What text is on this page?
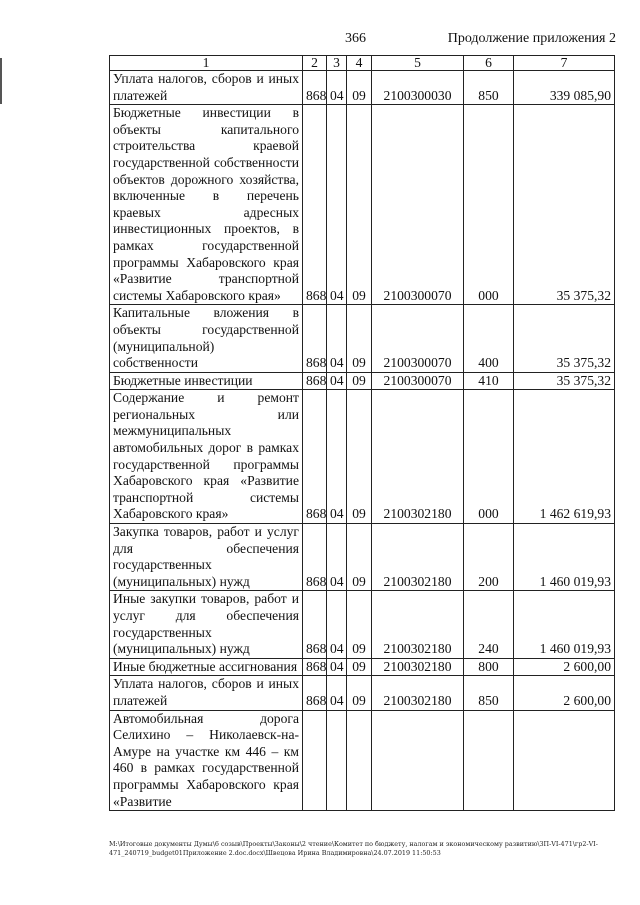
366	Продолжение приложения 2
1	2	3	4	5	6	7
Уплата налогов, сборов и иных платежей	868	04	09	2100300030	850	339 085,90
Бюджетные инвестиции в объекты капитального строительства краевой государственной собственности объектов дорожного хозяйства, включенные в перечень краевых адресных инвестиционных проектов, в рамках государственной программы Хабаровского края «Развитие транспортной системы Хабаровского края»	868	04	09	2100300070	000	35 375,32
Капитальные вложения в объекты государственной (муниципальной) собственности	868	04	09	2100300070	400	35 375,32
Бюджетные инвестиции	868	04	09	2100300070	410	35 375,32
Содержание и ремонт региональных или межмуниципальных автомобильных дорог в рамках государственной программы Хабаровского края «Развитие транспортной системы Хабаровского края»	868	04	09	2100302180	000	1 462 619,93
Закупка товаров, работ и услуг для обеспечения государственных (муниципальных) нужд	868	04	09	2100302180	200	1 460 019,93
Иные закупки товаров, работ и услуг для обеспечения государственных (муниципальных) нужд	868	04	09	2100302180	240	1 460 019,93
Иные бюджетные ассигнования	868	04	09	2100302180	800	2 600,00
Уплата налогов, сборов и иных платежей	868	04	09	2100302180	850	2 600,00
Автомобильная дорога Селихино – Николаевск-на-Амуре на участке км 446 – км 460 в рамках государственной программы Хабаровского края «Развитие						
М:\Итоговые документы Думы\6 созыв\Проекты\Законы\2 чтение\Комитет по бюджету, налогам и экономическому развитию\ЗП-VI-471\гр2-VI-471_240719_budget01Приложение 2.doc.docx\Швецова Ирина Владимировна\24.07.2019 11:50:53
